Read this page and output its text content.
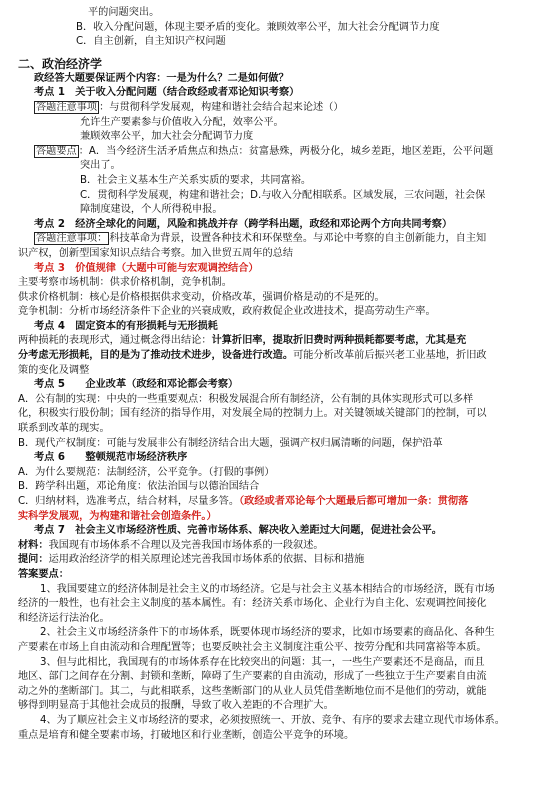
平的问题突出。
B．收入分配问题，体现主要矛盾的变化。兼顾效率公平，加大社会分配调节力度
C．自主创新，自主知识产权问题
二、政治经济学
政经答大题要保证两个内容：一是为什么？二是如何做？
考点 1　关于收入分配问题（结合政经或者邓论知识考察）
答题注意事项 ：与贯彻科学发展观，构建和谐社会结合起来论述（）
允许生产要素参与价值收入分配，效率公平。
兼顾效率公平，加大社会分配调节力度
答题要点 ：A．当今经济生活矛盾焦点和热点：贫富悬殊，两极分化，城乡差距，地区差距，公平问题
突出了。
B．社会主义基本生产关系实质的要求，共同富裕。
C．贯彻科学发展观，构建和谐社会；D.与收入分配相联系。区域发展，三农问题，社会保
障制度建设，个人所得税申报。
考点 2　经济全球化的问题，风险和挑战并存（跨学科出题，政经和邓论两个方向共同考察）
答题注意事项： 科技革命为背景，设置各种技术和环保壁垒。与邓论中考察的自主创新能力，自主知
识产权，创新型国家知识点结合考察。加入世贸五周年的总结
考点 3　价值规律（大题中可能与宏观调控结合）
主要考察市场机制：供求价格机制，竞争机制。
供求价格机制：核心是价格根据供求变动，价格改革，强调价格是动的不是死的。
竞争机制：分析市场经济条件下企业的兴衰成败，政府救促企业改进技术，提高劳动生产率。
考点 4　固定资本的有形损耗与无形损耗
两种损耗的表现形式，通过概念得出结论：计算折旧率，提取折旧费时两种损耗都要考虑，尤其是充
分考虑无形损耗，目的是为了推动技术进步，设备进行改造。可能分析改革前后振兴老工业基地，折旧政
策的变化及调整
考点 5　　企业改革（政经和邓论都会考察）
A．公有制的实现：中央的一些重要观点：积极发展混合所有制经济，公有制的具体实现形式可以多样
化，积极实行股份制；国有经济的指导作用，对发展全局的控制力上。对关键领域关键部门的控制，可以
联系到改革的现实。
B．现代产权制度：可能与发展非公有制经济结合出大题，强调产权归属清晰的问题，保护沿革
考点 6　　整顿规范市场经济秩序
A．为什么要规范：法制经济，公平竞争。（打假的事例）
B．跨学科出题，邓论角度：依法治国与以德治国结合
C．归纳材料，选准考点，结合材料，尽量多答。（政经或者邓论每个大题最后都可增加一条：贯彻落
实科学发展观，为构建和谐社会创造条件。）
考点 7　社会主义市场经济性质、完善市场体系、解决收入差距过大问题，促进社会公平。
材料：我国现有市场体系不合理以及完善我国市场体系的一段叙述。
提问：运用政治经济学的相关原理论述完善我国市场体系的依据、目标和措施
答案要点：
1、我国要建立的经济体制是社会主义的市场经济。它是与社会主义基本相结合的市场经济，既有市场
经济的一般性，也有社会主义制度的基本属性。有：经济关系市场化、企业行为自主化、宏观调控间接化
和经济运行法治化。
2、社会主义市场经济条件下的市场体系，既要体现市场经济的要求，比如市场要素的商品化、各种生
产要素在市场上自由流动和合理配置等；也要反映社会主义制度注重公平、按劳分配和共同富裕等本质。
3、但与此相比，我国现有的市场体系存在比较突出的问题：其一，一些生产要素还不是商品，而且
地区、部门之间存在分割、封锁和垄断，障碍了生产要素的自由流动，形成了一些独立于生产要素自由流
动之外的垄断部门。其二，与此相联系，这些垄断部门的从业人员凭借垄断地位而不是他们的劳动，就能
够得到明显高于其他社会成员的报酬，导致了收入差距的不合理扩大。
4、为了顺应社会主义市场经济的要求，必须按照统一、开放、竞争、有序的要求去建立现代市场体系。
重点是培育和健全要素市场，打破地区和行业垄断，创造公平竞争的环境。
